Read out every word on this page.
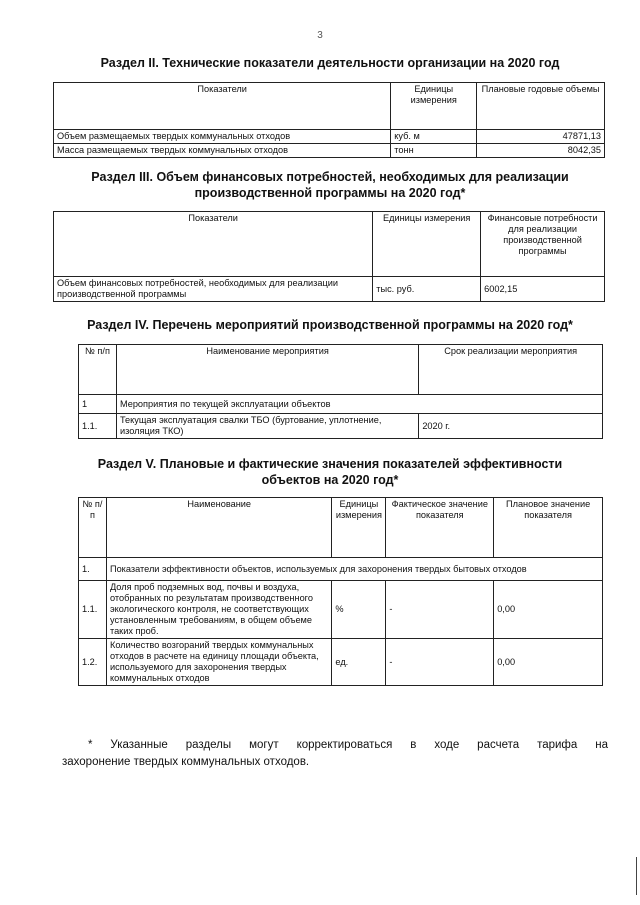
3
Раздел II. Технические показатели деятельности организации на 2020 год
Показатели	Единицы измерения	Плановые годовые объемы
Объем размещаемых твердых коммунальных отходов	куб. м	47871,13
Масса размещаемых твердых коммунальных отходов	тонн	8042,35
Раздел III. Объем финансовых потребностей, необходимых для реализации
производственной программы на 2020 год*
Показатели	Единицы измерения	Финансовые потребности для реализации производственной программы
Объем финансовых потребностей, необходимых для реализации производственной программы	тыс. руб.	6002,15
Раздел IV. Перечень мероприятий производственной программы на 2020 год*
№ п/п	Наименование мероприятия	Срок реализации мероприятия
1	Мероприятия по текущей эксплуатации объектов	
1.1.	Текущая эксплуатация свалки ТБО (буртование, уплотнение, изоляция ТКО)	2020 г.
Раздел V. Плановые и фактические значения показателей эффективности
объектов на 2020 год*
№ п/п	Наименование	Единицы измерения	Фактическое значение показателя	Плановое значение показателя
1.	Показатели эффективности объектов, используемых для захоронения твердых бытовых отходов			
1.1.	Доля проб подземных вод, почвы и воздуха, отобранных по результатам производственного экологического контроля, не соответствующих установленным требованиям, в общем объеме таких проб.	%	-	0,00
1.2.	Количество возгораний твердых коммунальных отходов в расчете на единицу площади объекта, используемого для захоронения твердых коммунальных отходов	ед.	-	0,00
* Указанные разделы могут корректироваться в ходе расчета тарифа на
захоронение твердых коммунальных отходов.
